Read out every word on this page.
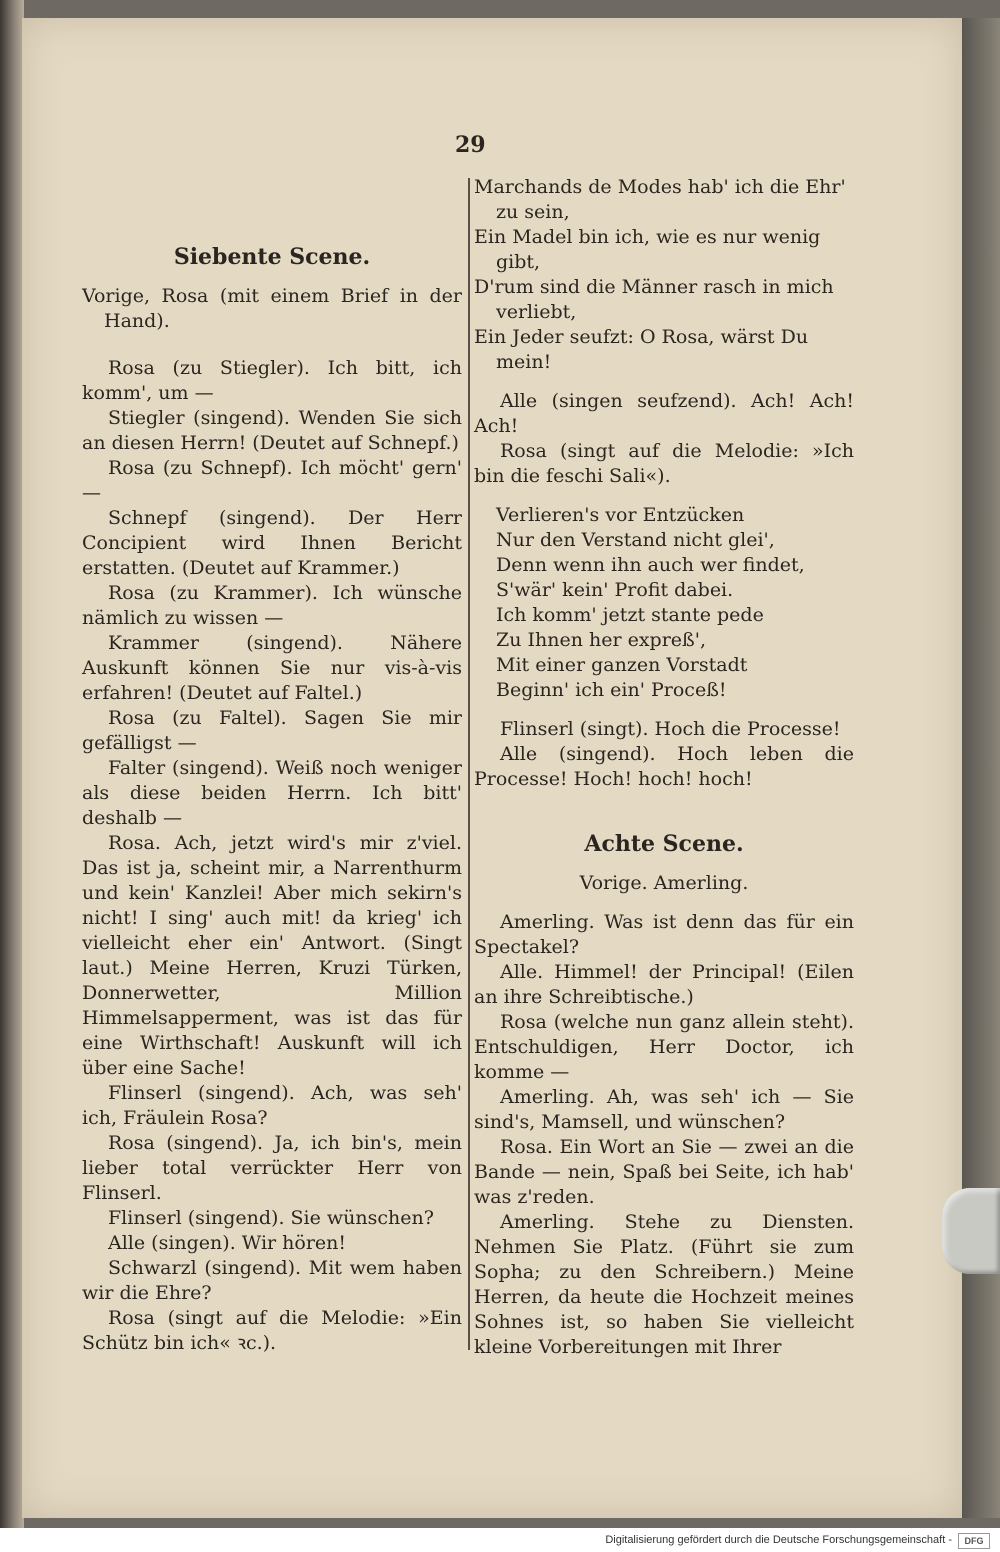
29

Siebente Scene.

Vorige, Rosa (mit einem Brief in der Hand).

Rosa (zu Stiegler). Ich bitt, ich komm', um —

Stiegler (singend). Wenden Sie sich an diesen Herrn! (Deutet auf Schnepf.)

Rosa (zu Schnepf). Ich möcht' gern' —

Schnepf (singend). Der Herr Concipient wird Ihnen Bericht erstatten. (Deutet auf Krammer.)

Rosa (zu Krammer). Ich wünsche nämlich zu wissen —

Krammer (singend). Nähere Auskunft können Sie nur vis-à-vis erfahren! (Deutet auf Faltel.)

Rosa (zu Faltel). Sagen Sie mir gefälligst —

Falter (singend). Weiß noch weniger als diese beiden Herrn. Ich bitt' deshalb —

Rosa. Ach, jetzt wird's mir z'viel. Das ist ja, scheint mir, a Narrenthurm und kein' Kanzlei! Aber mich sekirn's nicht! I sing' auch mit! da krieg' ich vielleicht eher ein' Antwort. (Singt laut.) Meine Herren, Kruzi Türken, Donnerwetter, Million Himmelsapperment, was ist das für eine Wirthschaft! Auskunft will ich über eine Sache!

Flinserl (singend). Ach, was seh' ich, Fräulein Rosa?

Rosa (singend). Ja, ich bin's, mein lieber total verrückter Herr von Flinserl.

Flinserl (singend). Sie wünschen?

Alle (singen). Wir hören!

Schwarzl (singend). Mit wem haben wir die Ehre?

Rosa (singt auf die Melodie: »Ein Schütz bin ich« ꝛc.).

Marchands de Modes hab' ich die Ehr' zu sein,

Ein Madel bin ich, wie es nur wenig gibt,

D'rum sind die Männer rasch in mich verliebt,

Ein Jeder seufzt: O Rosa, wärst Du mein!

Alle (singen seufzend). Ach! Ach! Ach!

Rosa (singt auf die Melodie: »Ich bin die feschi Sali«).

Verlieren's vor Entzücken

Nur den Verstand nicht glei',

Denn wenn ihn auch wer findet,

S'wär' kein' Profit dabei.

Ich komm' jetzt stante pede

Zu Ihnen her expreß',

Mit einer ganzen Vorstadt

Beginn' ich ein' Proceß!

Flinserl (singt). Hoch die Processe!

Alle (singend). Hoch leben die Processe! Hoch! hoch! hoch!

Achte Scene.

Vorige. Amerling.

Amerling. Was ist denn das für ein Spectakel?

Alle. Himmel! der Principal! (Eilen an ihre Schreibtische.)

Rosa (welche nun ganz allein steht). Entschuldigen, Herr Doctor, ich komme —

Amerling. Ah, was seh' ich — Sie sind's, Mamsell, und wünschen?

Rosa. Ein Wort an Sie — zwei an die Bande — nein, Spaß bei Seite, ich hab' was z'reden.

Amerling. Stehe zu Diensten. Nehmen Sie Platz. (Führt sie zum Sopha; zu den Schreibern.) Meine Herren, da heute die Hochzeit meines Sohnes ist, so haben Sie vielleicht kleine Vorbereitungen mit Ihrer

Digitalisierung gefördert durch die Deutsche Forschungsgemeinschaft -	DFG
